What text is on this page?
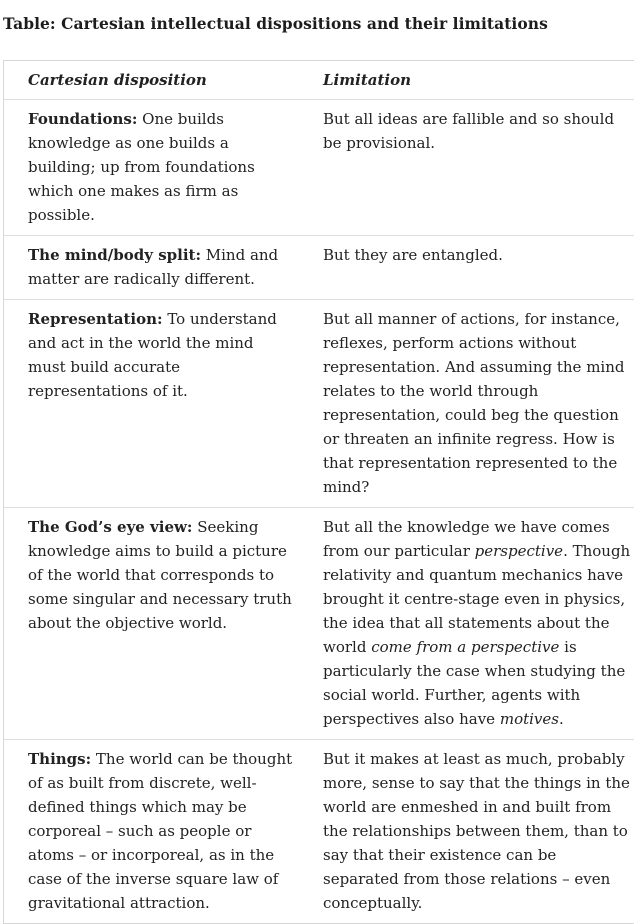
Table: Cartesian intellectual dispositions and their limitations
Cartesian disposition	Limitation
Foundations: One builds knowledge as one builds a building; up from foundations which one makes as firm as possible.
But all ideas are fallible and so should be provisional.
The mind/body split: Mind and matter are radically different.
But they are entangled.
Representation: To understand and act in the world the mind must build accurate representations of it.
But all manner of actions, for instance, reflexes, perform actions without representation. And assuming the mind relates to the world through representation, could beg the question or threaten an infinite regress. How is that representation represented to the mind?
The God’s eye view: Seeking knowledge aims to build a picture of the world that corresponds to some singular and necessary truth about the objective world.
But all the knowledge we have comes from our particular perspective. Though relativity and quantum mechanics have brought it centre-stage even in physics, the idea that all statements about the world come from a perspective is particularly the case when studying the social world. Further, agents with perspectives also have motives.
Things: The world can be thought of as built from discrete, well-defined things which may be corporeal – such as people or atoms – or incorporeal, as in the case of the inverse square law of gravitational attraction.
But it makes at least as much, probably more, sense to say that the things in the world are enmeshed in and built from the relationships between them, than to say that their existence can be separated from those relations – even conceptually.
